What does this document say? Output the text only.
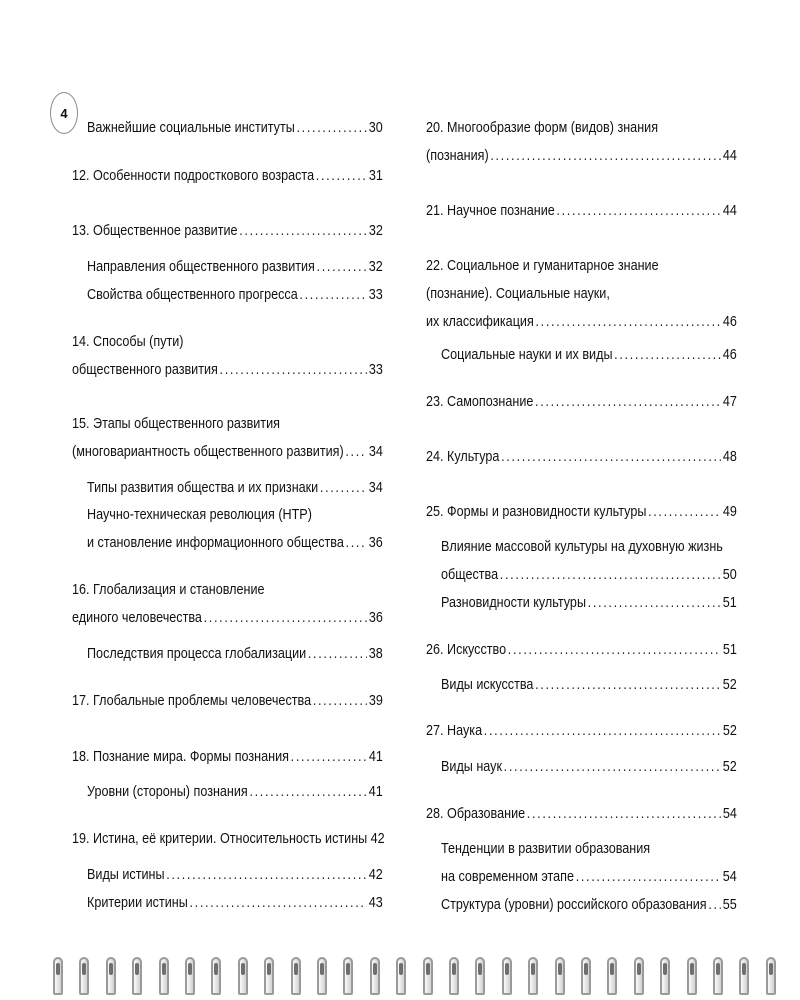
4
Важнейшие социальные институты .....	30
12. Особенности подросткового возраста .....	31
13. Общественное развитие .....	32
Направления общественного развития .....	32
Свойства общественного прогресса .....	33
14. Способы (пути)
общественного развития .....	33
15. Этапы общественного развития
(многовариантность общественного развития) ..... 34
Типы развития общества и их признаки .....	34
Научно-техническая революция (НТР)
и становление информационного общества ..... 36
16. Глобализация и становление
единого человечества .....	36
Последствия процесса глобализации .....	38
17. Глобальные проблемы человечества .....	39
18. Познание мира. Формы познания .....	41
Уровни (стороны) познания .....	41
19. Истина, её критерии. Относительность истины 42
Виды истины .....	42
Критерии истины .....	43
20. Многообразие форм (видов) знания
(познания) .....	44
21. Научное познание .....	44
22. Социальное и гуманитарное знание
(познание). Социальные науки,
их классификация .....	46
Социальные науки и их виды .....	46
23. Самопознание .....	47
24. Культура .....	48
25. Формы и разновидности культуры .....	49
Влияние массовой культуры на духовную жизнь
общества .....	50
Разновидности культуры .....	51
26. Искусство .....	51
Виды искусства .....	52
27. Наука .....	52
Виды наук .....	52
28. Образование .....	54
Тенденции в развитии образования
на современном этапе .....	54
Структура (уровни) российского образования ..... 55
